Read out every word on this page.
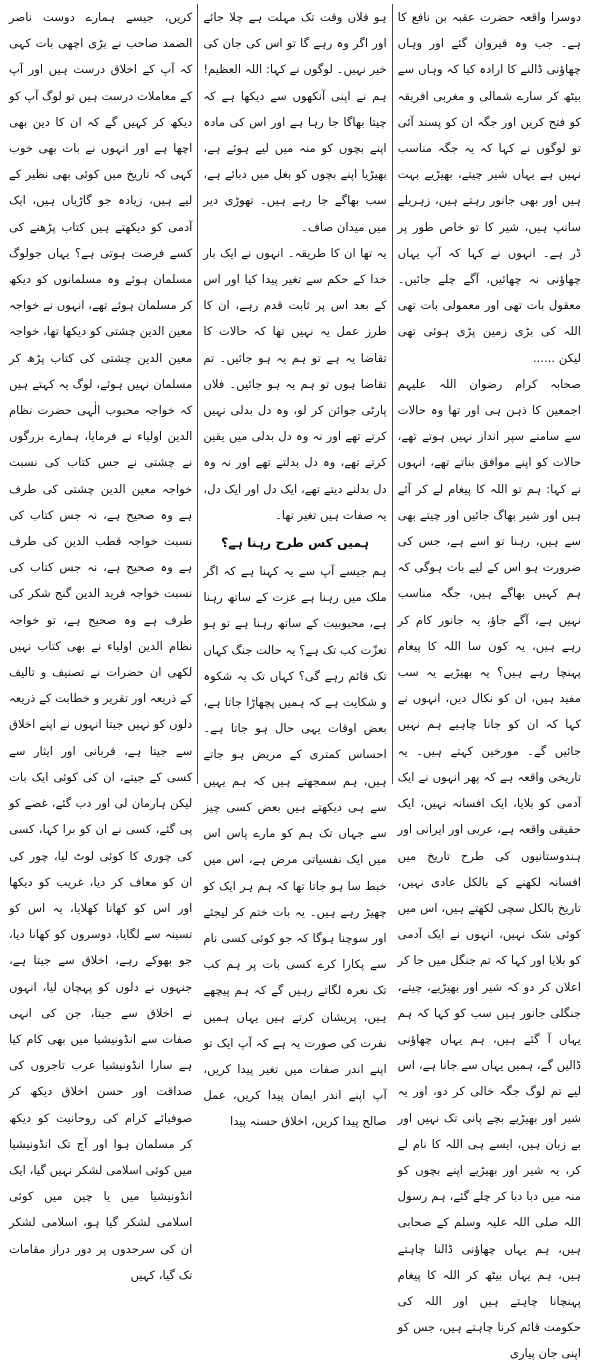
دوسرا واقعہ حضرت عقبہ بن نافع کا ہے۔ جب وہ قیروان گئے اور وہاں چھاؤنی ڈالنے کا ارادہ کیا کہ وہاں سے بیٹھ کر سارے شمالی و مغربی افریقہ کو فتح کریں اور جگہ ان کو پسند آئی تو لوگوں نے کہا کہ یہ جگہ مناسب نہیں ہے یہاں شیر چیتے، بھیڑیے بہت ہیں اور بھی جانور رہتے ہیں، زہریلے سانپ ہیں، شیر کا تو خاص طور پر ڈر ہے۔ انہوں نے کہا کہ آپ یہاں چھاؤنی نہ چھائیں، آگے چلے جائیں۔ معقول بات تھی اور معمولی بات تھی اللہ کی بڑی زمین پڑی ہوئی تھی لیکن ......

صحابہ کرام رضوان اللہ علیہم اجمعین کا ذہن ہی اور تھا وہ حالات سے سامنے سپر انداز نہیں ہوتے تھے، حالات کو اپنے موافق بناتے تھے، انہوں نے کہا: ہم تو اللہ کا پیغام لے کر آئے ہیں اور شیر بھاگ جائیں اور چیتے بھی سے ہیں، رہنا تو اسے ہے، جس کی ضرورت ہو اس کے لیے بات ہوگی کہ ہم کہیں بھاگے ہیں، جگہ مناسب نہیں ہے، آگے جاؤ، یہ جانور کام کر رہے ہیں، یہ کون سا اللہ کا پیغام پہنچا رہے ہیں؟ یہ بھیڑیے یہ سب مفید ہیں، ان کو نکال دیں، انہوں نے کہا کہ ان کو جانا چاہیے ہم نہیں جائیں گے۔ مورخین کہتے ہیں۔ یہ تاریخی واقعہ ہے کہ پھر انہوں نے ایک آدمی کو بلایا، ایک افسانہ نہیں، ایک حقیقی واقعہ ہے، عربی اور ایرانی اور ہندوستانیوں کی طرح تاریخ میں افسانہ لکھنے کے بالکل عادی نہیں، تاریخ بالکل سچی لکھتے ہیں، اس میں کوئی شک نہیں، انہوں نے ایک آدمی کو بلایا اور کہا کہ تم جنگل میں جا کر اعلان کر دو کہ شیر اور بھیڑیے، چیتے، جنگلی جانور ہیں سب کو کہا کہ ہم یہاں آ گئے ہیں، ہم یہاں چھاؤنی ڈالیں گے، ہمیں یہاں سے جانا ہے، اس لیے تم لوگ جگہ خالی کر دو، اور یہ شیر اور بھیڑیے بچے پانی تک نہیں اور بے زبان ہیں، ایسے ہی اللہ کا نام لے کر، یہ شیر اور بھیڑیے اپنے بچوں کو منہ میں دبا دبا کر چلے گئے، ہم رسول اللہ صلی اللہ علیہ وسلم کے صحابی ہیں، ہم یہاں چھاؤنی ڈالنا چاہتے ہیں، ہم یہاں بیٹھ کر اللہ کا پیغام پہنچانا چاہتے ہیں اور اللہ کی حکومت قائم کرنا چاہتے ہیں، جس کو اپنی جان پیاری

ہو فلاں وقت تک مہلت ہے چلا جائے اور اگر وہ رہے گا تو اس کی جان کی خیر نہیں۔ لوگوں نے کہا: اللہ العظیم! ہم نے اپنی آنکھوں سے دیکھا ہے کہ چیتا بھاگا جا رہا ہے اور اس کی مادہ اپنے بچوں کو منہ میں لیے ہوئے ہے، بھیڑیا اپنے بچوں کو بغل میں دبائے ہے، سب بھاگے جا رہے ہیں۔ تھوڑی دیر میں میدان صاف۔

یہ تھا ان کا طریقہ۔ انہوں نے ایک بار خدا کے حکم سے تغیر پیدا کیا اور اس کے بعد اس پر ثابت قدم رہے، ان کا طرز عمل یہ نہیں تھا کہ حالات کا تقاضا یہ ہے تو ہم یہ ہو جائیں۔ تم تقاضا ہوں تو ہم یہ ہو جائیں۔ فلاں پارٹی جوائن کر لو، وہ دل بدلی نہیں کرتے تھے اور نہ وہ دل بدلی میں یقین کرتے تھے، وہ دل بدلتے تھے اور نہ وہ دل بدلنے دیتے تھے، ایک دل اور ایک دل، یہ صفات ہیں تغیر تھا۔

ہمیں کس طرح رہنا ہے؟

ہم جیسے آپ سے یہ کہنا ہے کہ اگر ملک میں رہنا ہے عزت کے ساتھ رہنا ہے، محبوبیت کے ساتھ رہنا ہے تو ہو تعزّت کب تک ہے؟ یہ حالت جنگ کہاں تک قائم رہے گی؟ کہاں تک یہ شکوہ و شکایت ہے کہ ہمیں پچھاڑا جاتا ہے، بعض اوقات یہی حال ہو جاتا ہے۔ احساس کمتری کے مریض ہو جاتے ہیں، ہم سمجھتے ہیں کہ ہم یہیں سے ہی دیکھتے ہیں بعض کسی چیز سے جہاں تک ہم کو مارے پاس اس میں ایک نفسیاتی مرض ہے، اس میں خبط سا ہو جاتا تھا کہ ہم ہر ایک کو چھیڑ رہے ہیں۔ یہ بات ختم کر لیجئے اور سوچنا ہوگا کہ جو کوئی کسی نام سے پکارا کرے کسی بات پر ہم کب تک نعرہ لگاتے رہیں گے کہ ہم پیچھے ہیں، پریشان کرتے ہیں یہاں ہمیں نفرت کی صورت یہ ہے کہ آپ ایک تو اپنے اندر صفات میں تغیر پیدا کریں، آپ اپنے اندر ایمان پیدا کریں، عمل صالح پیدا کریں، اخلاق حسنہ پیدا

کریں، جیسے ہمارے دوست ناصر الصمد صاحب نے بڑی اچھی بات کہی کہ آپ کے اخلاق درست ہیں اور آپ کے معاملات درست ہیں تو لوگ آپ کو دیکھ کر کہیں گے کہ ان کا دین بھی اچھا ہے اور انہوں نے بات بھی خوب کہی کہ تاریخ میں کوئی بھی نظیر کے لیے ہیں، زیادہ جو گاڑیاں ہیں، ایک آدمی کو دیکھتے ہیں کتاب پڑھنے کی کسے فرصت ہوتی ہے؟ یہاں جولوگ مسلمان ہوئے وہ مسلمانوں کو دیکھ کر مسلمان ہوئے تھے، انہوں نے خواجہ معین الدین چشتی کو دیکھا تھا، خواجہ معین الدین چشتی کی کتاب پڑھ کر مسلمان نہیں ہوئے، لوگ یہ کہتے ہیں کہ خواجہ محبوب الٰہی حضرت نظام الدین اولیاء نے فرمایا، ہمارے بزرگوں نے چشتی نے جس کتاب کی نسبت خواجہ معین الدین چشتی کی طرف ہے وہ صحیح ہے، نہ جس کتاب کی نسبت خواجہ قطب الدین کی طرف ہے وہ صحیح ہے، نہ جس کتاب کی نسبت خواجہ فرید الدین گنج شکر کی طرف ہے وہ صحیح ہے، تو خواجہ نظام الدین اولیاء نے بھی کتاب نہیں لکھی ان حضرات نے تصنیف و تالیف کے ذریعہ اور تقریر و خطابت کے ذریعہ دلوں کو نہیں جیتا انہوں نے اپنے اخلاق سے جیتا ہے، قربانی اور ایثار سے کسی کے جیتے، ان کی کوئی ایک بات لیکن ہارمان لی اور دب گئے، غصے کو پی گئے، کسی نے ان کو برا کہا، کسی کی چوری کا کوئی لوٹ لیا، چور کی ان کو معاف کر دیا، غریب کو دیکھا اور اس کو کھانا کھلایا، یہ اس کو تسینہ سے لگایا، دوسروں کو کھانا دیا، جو بھوکے رہے، اخلاق سے جیتا ہے، جنہوں نے دلوں کو پہچان لیا، انہوں نے اخلاق سے جیتا، جن کی انہی صفات سے انڈونیشیا میں بھی کام کیا ہے سارا انڈونیشیا عرب تاجروں کی صداقت اور حسن اخلاق دیکھ کر صوفیائے کرام کی روحانیت کو دیکھ کر مسلمان ہوا اور آج تک انڈونیشیا میں کوئی اسلامی لشکر نہیں گیا، ایک انڈونیشیا میں یا چین میں کوئی اسلامی لشکر گیا ہو، اسلامی لشکر ان کی سرحدوں پر دور دراز مقامات تک گیا، کہیں
